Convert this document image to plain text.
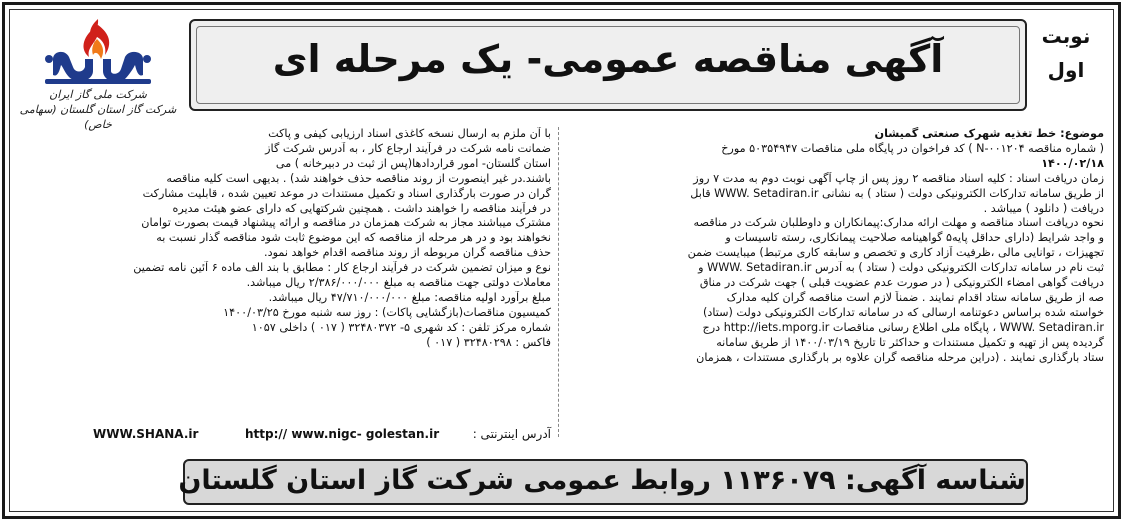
شرکت ملی گاز ایران
شرکت گاز استان گلستان (سهامی خاص)
آگهی مناقصه عمومی- یک مرحله ای
نوبت
اول
موضوع: خط تغذیه شهرک صنعتی گمیشان
( شماره مناقصه N-۰۰۱۲۰۴ ) کد فراخوان در پایگاه ملی مناقصات ۵۰۳۵۴۹۴۷ مورخ
۱۴۰۰/۰۲/۱۸
زمان دریافت اسناد : کلیه اسناد مناقصه ۲ روز پس از چاپ آگهی نوبت دوم به مدت ۷ روز
از طریق سامانه تدارکات الکترونیکی دولت ( ستاد ) به نشانی WWW. Setadiran.ir قابل
دریافت ( دانلود ) میباشد .
نحوه دریافت اسناد مناقصه و مهلت ارائه مدارک:پیمانکاران و داوطلبان شرکت در مناقصه
و واجد شرایط (دارای حداقل پایه۵ گواهینامه صلاحیت پیمانکاری، رسته تاسیسات و
تجهیزات ، توانایی مالی ،ظرفیت آزاد کاری و تخصص و سابقه کاری مرتبط) میبایست ضمن
ثبت نام در سامانه تدارکات الکترونیکی دولت ( ستاد ) به آدرس WWW. Setadiran.ir و
دریافت گواهی امضاء الکترونیکی ( در صورت عدم عضویت قبلی ) جهت شرکت در مناق
صه از طریق سامانه ستاد اقدام نمایند . ضمناً لازم است مناقصه گران کلیه مدارک
خواسته شده براساس دعوتنامه ارسالی که در سامانه تدارکات الکترونیکی دولت (ستاد)
WWW. Setadiran.ir ، پایگاه ملی اطلاع رسانی مناقصات http://iets.mporg.ir درج
گردیده پس از تهیه و تکمیل مستندات و حداکثر تا تاریخ ۱۴۰۰/۰۳/۱۹ از طریق سامانه
ستاد بارگذاری نمایند . (دراین مرحله مناقصه گران علاوه بر بارگذاری مستندات ، همزمان
با آن ملزم به ارسال نسخه کاغذی اسناد ارزیابی کیفی و پاکت
ضمانت نامه شرکت در فرآیند ارجاع کار ، به آدرس شرکت گاز
استان گلستان- امور قراردادها(پس از ثبت در دبیرخانه ) می
باشند.در غیر اینصورت از روند مناقصه حذف خواهند شد) . بدیهی است کلیه مناقصه
گران در صورت بارگذاری اسناد و تکمیل مستندات در موعد تعیین شده ، قابلیت مشارکت
در فرآیند مناقصه را خواهند داشت . همچنین شرکتهایی که دارای عضو هیئت مدیره
مشترک میباشند مجاز به شرکت همزمان در مناقصه و ارائه پیشنهاد قیمت بصورت توامان
نخواهند بود و در هر مرحله از مناقصه که این موضوع ثابت شود مناقصه گذار نسبت به
حذف مناقصه گران مربوطه از روند مناقصه اقدام خواهد نمود.
نوع و میزان تضمین شرکت در فرآیند ارجاع کار : مطابق با بند الف ماده ۶ آئین نامه تضمین
معاملات دولتی جهت مناقصه به مبلغ ۲/۳۸۶/۰۰۰/۰۰۰ ریال میباشد.
مبلغ برآورد اولیه مناقصه: مبلغ ۴۷/۷۱۰/۰۰۰/۰۰۰ ریال میباشد.
کمیسیون مناقصات(بازگشایی پاکات) : روز سه شنبه مورخ ۱۴۰۰/۰۳/۲۵
شماره مرکز تلفن : کد شهری ۵- ۳۲۴۸۰۳۷۲ ( ۰۱۷ ) داخلی ۱۰۵۷
فاکس : ۳۲۴۸۰۲۹۸ ( ۰۱۷ )
WWW.SHANA.ir	http:// www.nigc- golestan.ir	آدرس اینترنتی :
شناسه آگهی: ۱۱۳۶۰۷۹ روابط عمومی شرکت گاز استان گلستان
